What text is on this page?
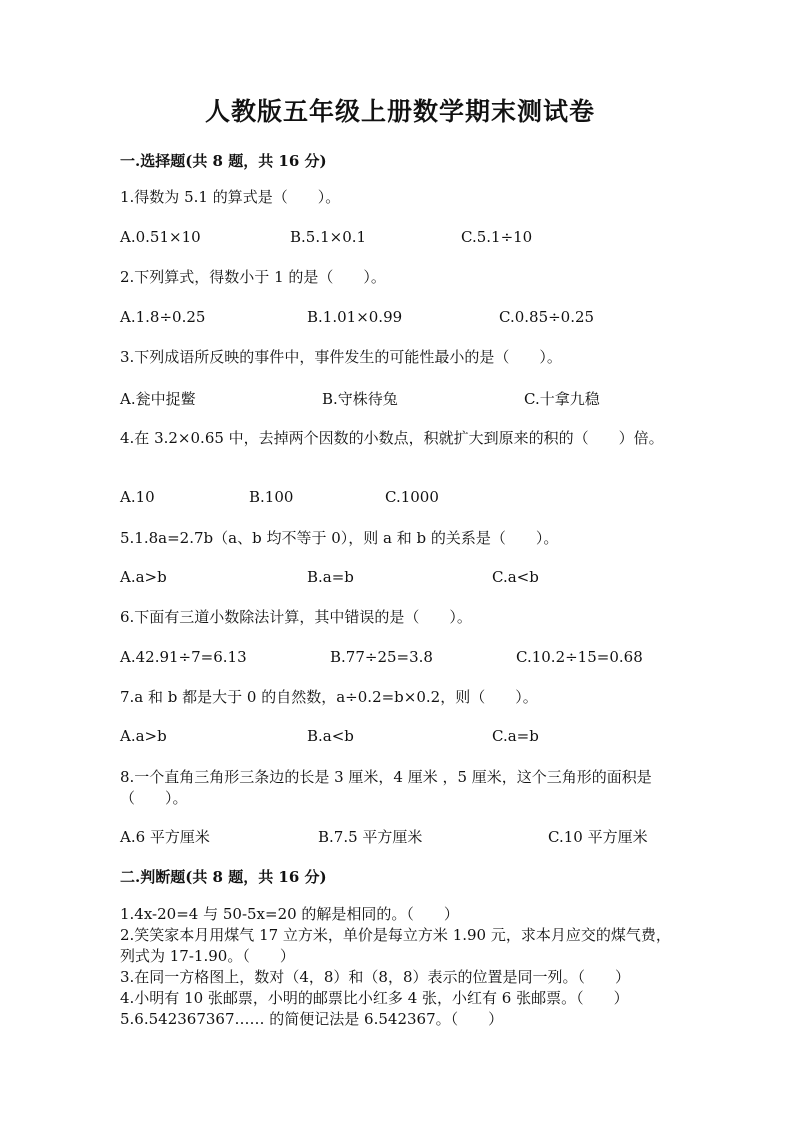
人教版五年级上册数学期末测试卷
一.选择题(共 8 题，共 16 分)
1.得数为 5.1 的算式是（　　）。
A.0.51×10	B.5.1×0.1	C.5.1÷10
2.下列算式，得数小于 1 的是（　　）。
A.1.8÷0.25	B.1.01×0.99	C.0.85÷0.25
3.下列成语所反映的事件中，事件发生的可能性最小的是（　　）。
A.瓮中捉鳖	B.守株待兔	C.十拿九稳
4.在 3.2×0.65 中，去掉两个因数的小数点，积就扩大到原来的积的（　　）倍。
A.10	B.100	C.1000
5.1.8a=2.7b（a、b 均不等于 0），则 a 和 b 的关系是（　　）。
A.a>b	B.a=b	C.a<b
6.下面有三道小数除法计算，其中错误的是（　　）。
A.42.91÷7=6.13	B.77÷25=3.8	C.10.2÷15=0.68
7.a 和 b 都是大于 0 的自然数，a÷0.2=b×0.2，则（　　）。
A.a>b	B.a<b	C.a=b
8.一个直角三角形三条边的长是 3 厘米，4 厘米 ，5 厘米，这个三角形的面积是（　　）。
A.6 平方厘米	B.7.5 平方厘米	C.10 平方厘米
二.判断题(共 8 题，共 16 分)
1.4x-20=4 与 50-5x=20 的解是相同的。（　　）
2.笑笑家本月用煤气 17 立方米，单价是每立方米 1.90 元，求本月应交的煤气费，列式为 17-1.90。（　　）
3.在同一方格图上，数对（4，8）和（8，8）表示的位置是同一列。（　　）
4.小明有 10 张邮票，小明的邮票比小红多 4 张，小红有 6 张邮票。（　　）
5.6.542367367…… 的简便记法是 6.542367。（　　）
